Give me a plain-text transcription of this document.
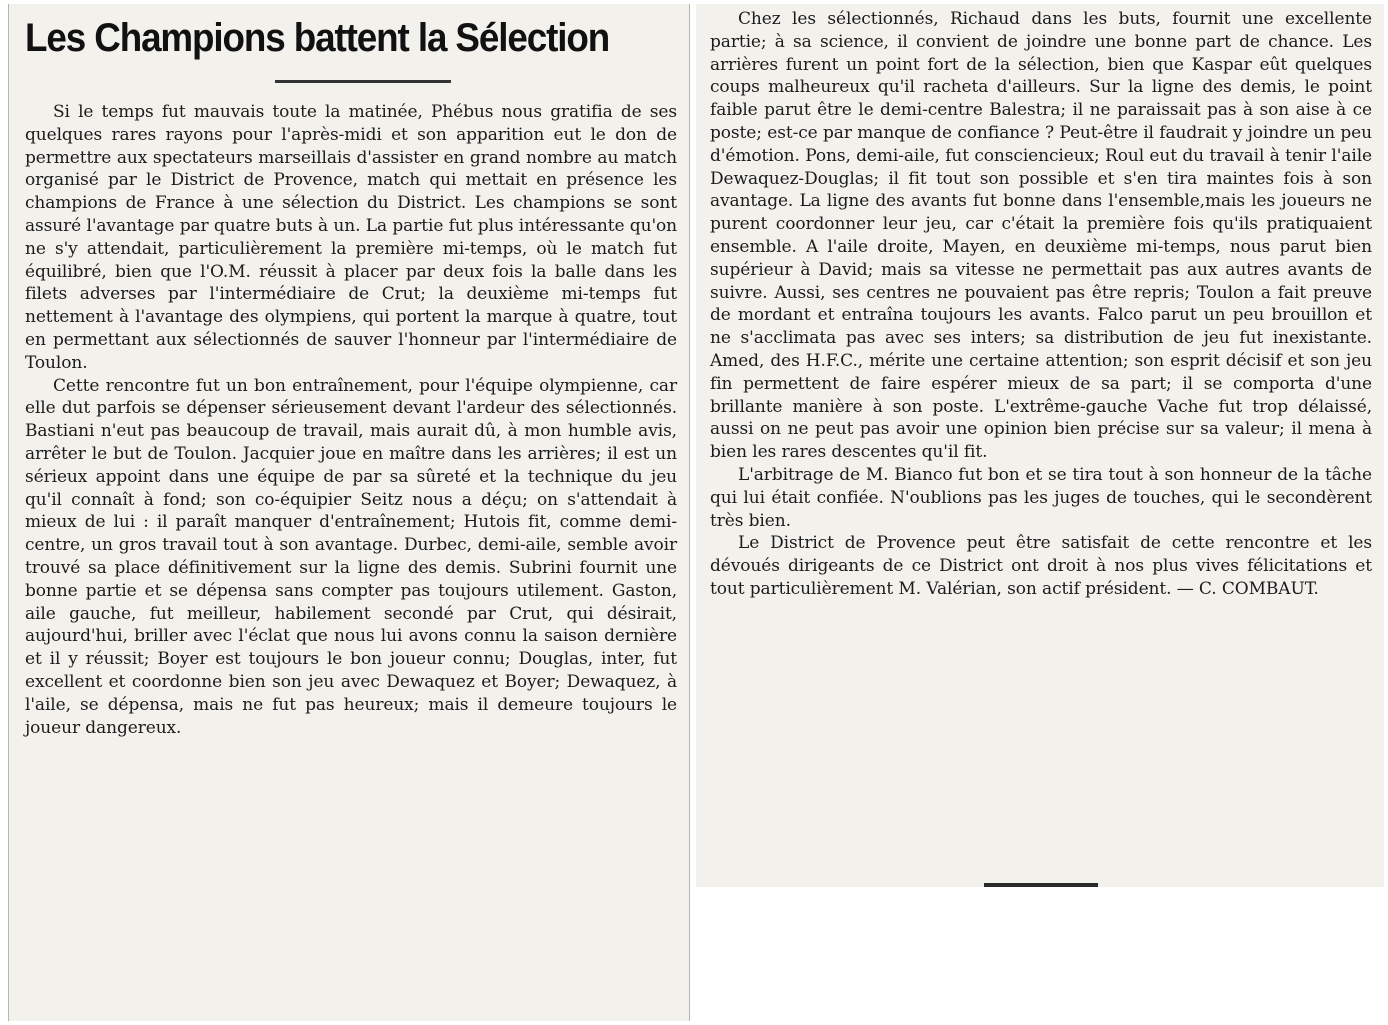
Les Champions battent la Sélection

Si le temps fut mauvais toute la matinée, Phébus nous gratifia de ses quelques rares rayons pour l'après-midi et son apparition eut le don de permettre aux spectateurs marseillais d'assister en grand nombre au match organisé par le District de Provence, match qui mettait en présence les champions de France à une sélection du District. Les champions se sont assuré l'avantage par quatre buts à un. La partie fut plus intéressante qu'on ne s'y attendait, particulièrement la première mi-temps, où le match fut équilibré, bien que l'O.M. réussit à placer par deux fois la balle dans les filets adverses par l'intermédiaire de Crut; la deuxième mi-temps fut nettement à l'avantage des olympiens, qui portent la marque à quatre, tout en permettant aux sélectionnés de sauver l'honneur par l'intermédiaire de Toulon.

Cette rencontre fut un bon entraînement, pour l'équipe olympienne, car elle dut parfois se dépenser sérieusement devant l'ardeur des sélectionnés. Bastiani n'eut pas beaucoup de travail, mais aurait dû, à mon humble avis, arrêter le but de Toulon. Jacquier joue en maître dans les arrières; il est un sérieux appoint dans une équipe de par sa sûreté et la technique du jeu qu'il connaît à fond; son co-équipier Seitz nous a déçu; on s'attendait à mieux de lui : il paraît manquer d'entraînement; Hutois fit, comme demi-centre, un gros travail tout à son avantage. Durbec, demi-aile, semble avoir trouvé sa place définitivement sur la ligne des demis. Subrini fournit une bonne partie et se dépensa sans compter pas toujours utilement. Gaston, aile gauche, fut meilleur, habilement secondé par Crut, qui désirait, aujourd'hui, briller avec l'éclat que nous lui avons connu la saison dernière et il y réussit; Boyer est toujours le bon joueur connu; Douglas, inter, fut excellent et coordonne bien son jeu avec Dewaquez et Boyer; Dewaquez, à l'aile, se dépensa, mais ne fut pas heureux; mais il demeure toujours le joueur dangereux.

Chez les sélectionnés, Richaud dans les buts, fournit une excellente partie; à sa science, il convient de joindre une bonne part de chance. Les arrières furent un point fort de la sélection, bien que Kaspar eût quelques coups malheureux qu'il racheta d'ailleurs. Sur la ligne des demis, le point faible parut être le demi-centre Balestra; il ne paraissait pas à son aise à ce poste; est-ce par manque de confiance ? Peut-être il faudrait y joindre un peu d'émotion. Pons, demi-aile, fut consciencieux; Roul eut du travail à tenir l'aile Dewaquez-Douglas; il fit tout son possible et s'en tira maintes fois à son avantage. La ligne des avants fut bonne dans l'ensemble,mais les joueurs ne purent coordonner leur jeu, car c'était la première fois qu'ils pratiquaient ensemble. A l'aile droite, Mayen, en deuxième mi-temps, nous parut bien supérieur à David; mais sa vitesse ne permettait pas aux autres avants de suivre. Aussi, ses centres ne pouvaient pas être repris; Toulon a fait preuve de mordant et entraîna toujours les avants. Falco parut un peu brouillon et ne s'acclimata pas avec ses inters; sa distribution de jeu fut inexistante. Amed, des H.F.C., mérite une certaine attention; son esprit décisif et son jeu fin permettent de faire espérer mieux de sa part; il se comporta d'une brillante manière à son poste. L'extrême-gauche Vache fut trop délaissé, aussi on ne peut pas avoir une opinion bien précise sur sa valeur; il mena à bien les rares descentes qu'il fit.

L'arbitrage de M. Bianco fut bon et se tira tout à son honneur de la tâche qui lui était confiée. N'oublions pas les juges de touches, qui le secondèrent très bien.

Le District de Provence peut être satisfait de cette rencontre et les dévoués dirigeants de ce District ont droit à nos plus vives félicitations et tout particulièrement M. Valérian, son actif président. — C. COMBAUT.
